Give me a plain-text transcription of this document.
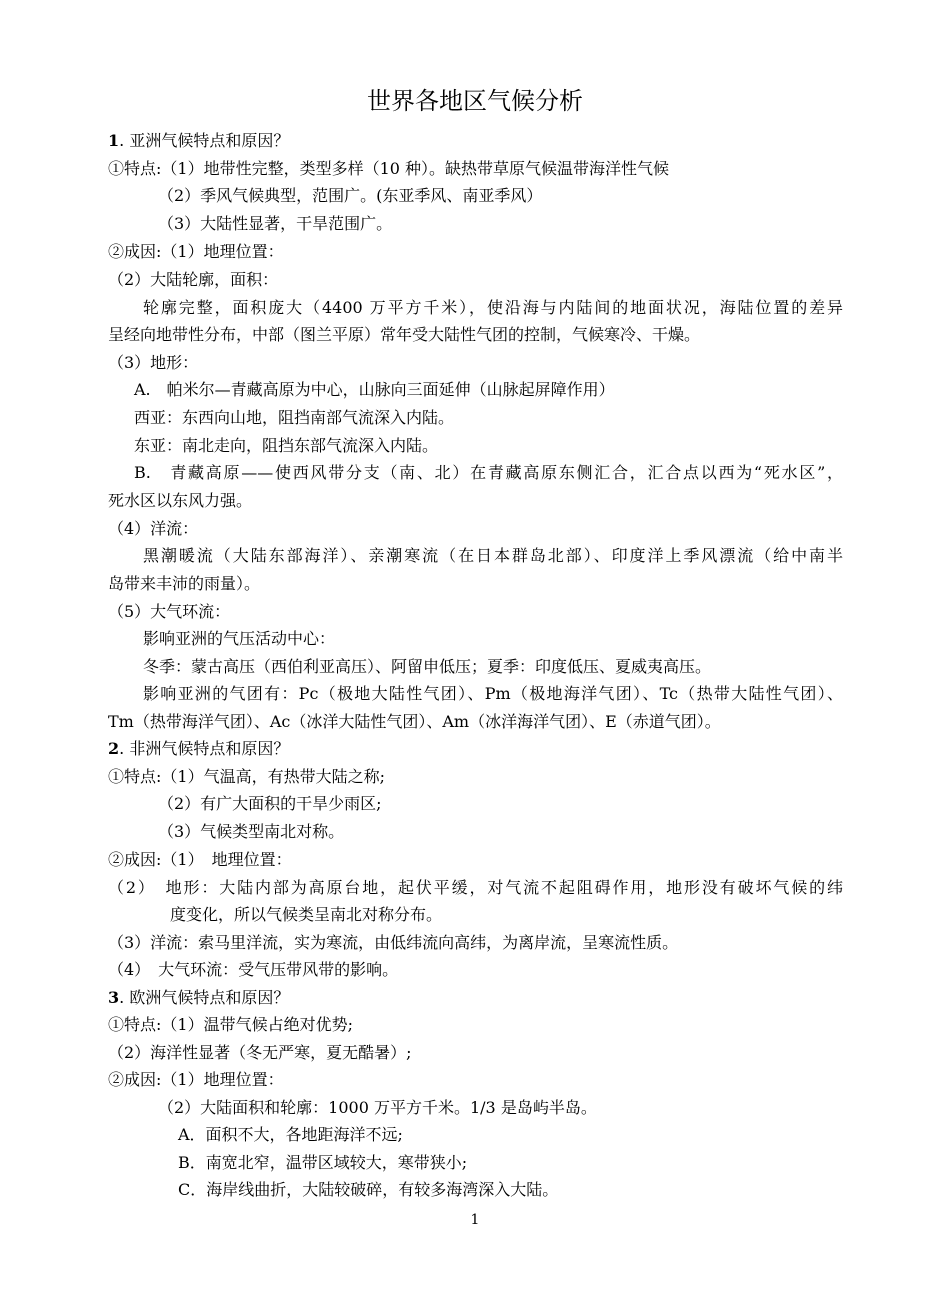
世界各地区气候分析
1. 亚洲气候特点和原因？
①特点:（1）地带性完整，类型多样（10 种）。缺热带草原气候温带海洋性气候
（2）季风气候典型，范围广。(东亚季风、南亚季风）
（3）大陆性显著，干旱范围广。
②成因:（1）地理位置：
（2）大陆轮廓，面积：
轮廓完整，面积庞大（4400 万平方千米），使沿海与内陆间的地面状况，海陆位置的差异
呈经向地带性分布，中部（图兰平原）常年受大陆性气团的控制，气候寒冷、干燥。
（3）地形：
A.　帕米尔—青藏高原为中心，山脉向三面延伸（山脉起屏障作用）
西亚：东西向山地，阻挡南部气流深入内陆。
东亚：南北走向，阻挡东部气流深入内陆。
B.　青藏高原——使西风带分支（南、北）在青藏高原东侧汇合，汇合点以西为“死水区”，
死水区以东风力强。
（4）洋流：
黑潮暖流（大陆东部海洋）、亲潮寒流（在日本群岛北部）、印度洋上季风漂流（给中南半
岛带来丰沛的雨量）。
（5）大气环流：
影响亚洲的气压活动中心：
冬季：蒙古高压（西伯利亚高压）、阿留申低压；夏季：印度低压、夏威夷高压。
影响亚洲的气团有：Pc（极地大陆性气团）、Pm（极地海洋气团）、Tc（热带大陆性气团）、
Tm（热带海洋气团）、Ac（冰洋大陆性气团）、Am（冰洋海洋气团）、E（赤道气团）。
2. 非洲气候特点和原因？
①特点:（1）气温高，有热带大陆之称;
（2）有广大面积的干旱少雨区;
（3）气候类型南北对称。
②成因:（1）　地理位置：
（2）　地形：大陆内部为高原台地，起伏平缓，对气流不起阻碍作用，地形没有破坏气候的纬
度变化，所以气候类呈南北对称分布。
（3）洋流：索马里洋流，实为寒流，由低纬流向高纬，为离岸流，呈寒流性质。
（4）　大气环流：受气压带风带的影响。
3. 欧洲气候特点和原因？
①特点:（1）温带气候占绝对优势;
（2）海洋性显著（冬无严寒，夏无酷暑）;
②成因:（1）地理位置：
（2）大陆面积和轮廓：1000 万平方千米。1/3 是岛屿半岛。
A．面积不大，各地距海洋不远;
B．南宽北窄，温带区域较大，寒带狭小;
C．海岸线曲折，大陆较破碎，有较多海湾深入大陆。
1
